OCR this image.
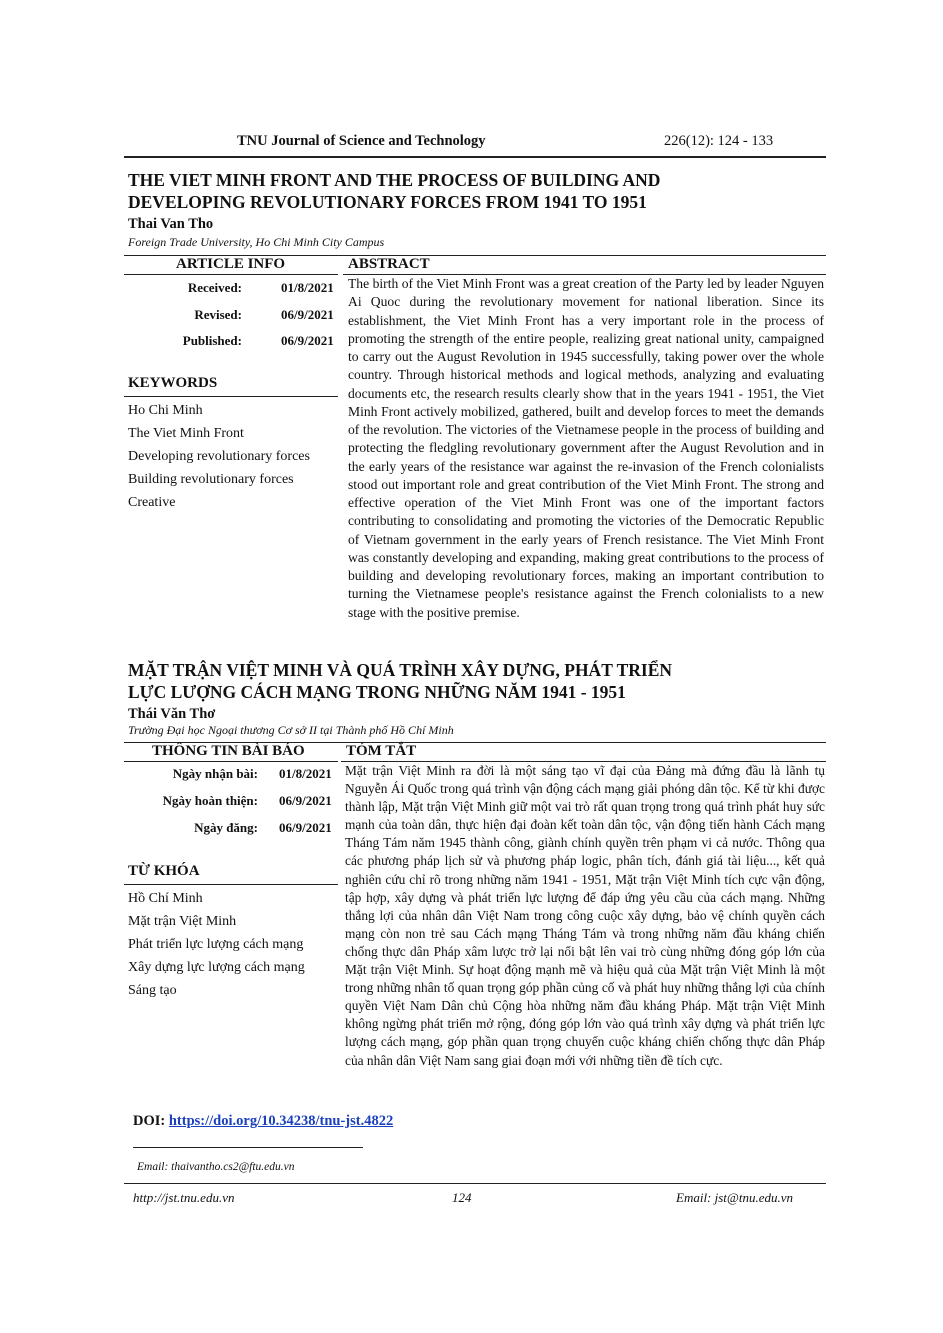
TNU Journal of Science and Technology	226(12): 124 - 133
THE VIET MINH FRONT AND THE PROCESS OF BUILDING AND
DEVELOPING REVOLUTIONARY FORCES FROM 1941 TO 1951
Thai Van Tho
Foreign Trade University, Ho Chi Minh City Campus
ARTICLE INFO	ABSTRACT
Received:	01/8/2021
Revised:	06/9/2021
Published:	06/9/2021
KEYWORDS
Ho Chi Minh
The Viet Minh Front
Developing revolutionary forces
Building revolutionary forces
Creative
The birth of the Viet Minh Front was a great creation of the Party led by leader Nguyen Ai Quoc during the revolutionary movement for national liberation. Since its establishment, the Viet Minh Front has a very important role in the process of promoting the strength of the entire people, realizing great national unity, campaigned to carry out the August Revolution in 1945 successfully, taking power over the whole country. Through historical methods and logical methods, analyzing and evaluating documents etc, the research results clearly show that in the years 1941 - 1951, the Viet Minh Front actively mobilized, gathered, built and develop forces to meet the demands of the revolution. The victories of the Vietnamese people in the process of building and protecting the fledgling revolutionary government after the August Revolution and in the early years of the resistance war against the re-invasion of the French colonialists stood out important role and great contribution of the Viet Minh Front. The strong and effective operation of the Viet Minh Front was one of the important factors contributing to consolidating and promoting the victories of the Democratic Republic of Vietnam government in the early years of French resistance. The Viet Minh Front was constantly developing and expanding, making great contributions to the process of building and developing revolutionary forces, making an important contribution to turning the Vietnamese people's resistance against the French colonialists to a new stage with the positive premise.
MẶT TRẬN VIỆT MINH VÀ QUÁ TRÌNH XÂY DỰNG, PHÁT TRIỂN
LỰC LƯỢNG CÁCH MẠNG TRONG NHỮNG NĂM 1941 - 1951
Thái Văn Thơ
Trường Đại học Ngoại thương Cơ sở II tại Thành phố Hồ Chí Minh
THÔNG TIN BÀI BÁO	TÓM TẮT
Ngày nhận bài: 01/8/2021
Ngày hoàn thiện: 06/9/2021
Ngày đăng: 06/9/2021
TỪ KHÓA
Hồ Chí Minh
Mặt trận Việt Minh
Phát triển lực lượng cách mạng
Xây dựng lực lượng cách mạng
Sáng tạo
Mặt trận Việt Minh ra đời là một sáng tạo vĩ đại của Đảng mà đứng đầu là lãnh tụ Nguyễn Ái Quốc trong quá trình vận động cách mạng giải phóng dân tộc. Kể từ khi được thành lập, Mặt trận Việt Minh giữ một vai trò rất quan trọng trong quá trình phát huy sức mạnh của toàn dân, thực hiện đại đoàn kết toàn dân tộc, vận động tiến hành Cách mạng Tháng Tám năm 1945 thành công, giành chính quyền trên phạm vi cả nước. Thông qua các phương pháp lịch sử và phương pháp logic, phân tích, đánh giá tài liệu..., kết quả nghiên cứu chỉ rõ trong những năm 1941 - 1951, Mặt trận Việt Minh tích cực vận động, tập hợp, xây dựng và phát triển lực lượng để đáp ứng yêu cầu của cách mạng. Những thắng lợi của nhân dân Việt Nam trong công cuộc xây dựng, bảo vệ chính quyền cách mạng còn non trẻ sau Cách mạng Tháng Tám và trong những năm đầu kháng chiến chống thực dân Pháp xâm lược trở lại nổi bật lên vai trò cùng những đóng góp lớn của Mặt trận Việt Minh. Sự hoạt động mạnh mẽ và hiệu quả của Mặt trận Việt Minh là một trong những nhân tố quan trọng góp phần củng cố và phát huy những thắng lợi của chính quyền Việt Nam Dân chủ Cộng hòa những năm đầu kháng Pháp. Mặt trận Việt Minh không ngừng phát triển mở rộng, đóng góp lớn vào quá trình xây dựng và phát triển lực lượng cách mạng, góp phần quan trọng chuyển cuộc kháng chiến chống thực dân Pháp của nhân dân Việt Nam sang giai đoạn mới với những tiền đề tích cực.
DOI: https://doi.org/10.34238/tnu-jst.4822
Email: thaivantho.cs2@ftu.edu.vn
http://jst.tnu.edu.vn	124	Email: jst@tnu.edu.vn
